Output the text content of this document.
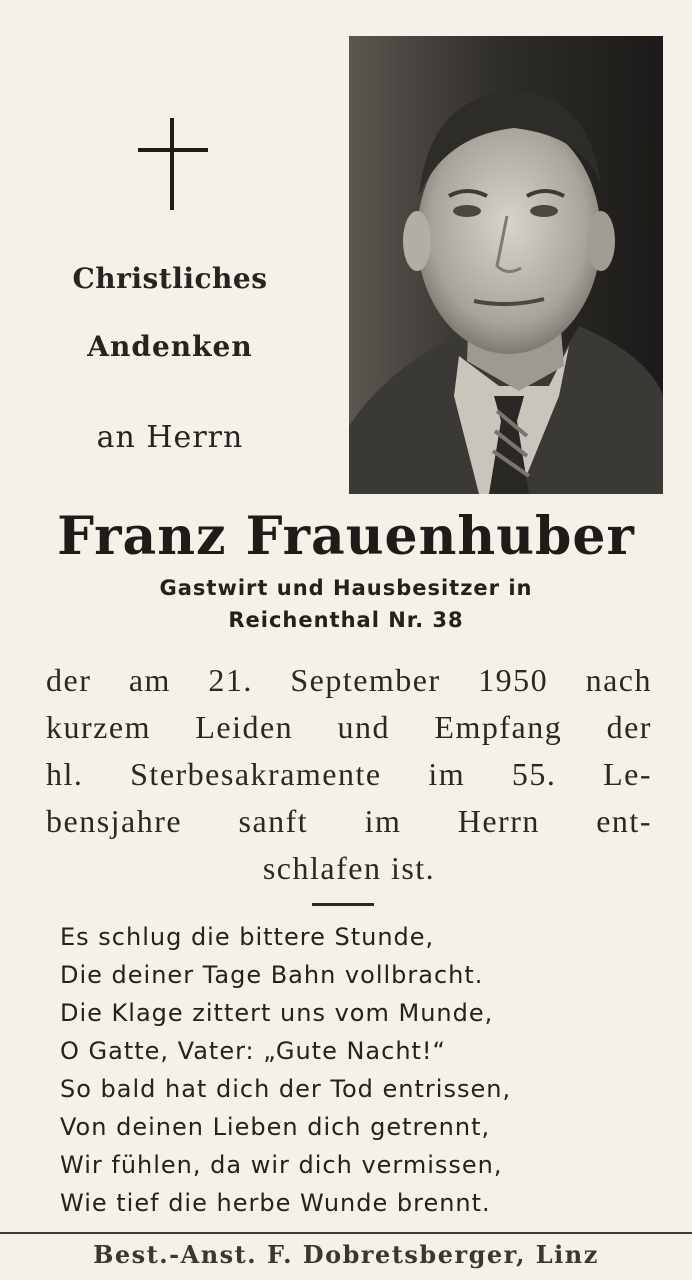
Christliches
Andenken
an Herrn
Franz Frauenhuber
Gastwirt und Hausbesitzer in
Reichenthal Nr. 38
der am 21. September 1950 nach
kurzem Leiden und Empfang der
hl. Sterbesakramente im 55. Le-
bensjahre sanft im Herrn ent-
schlafen ist.
Es schlug die bittere Stunde,
Die deiner Tage Bahn vollbracht.
Die Klage zittert uns vom Munde,
O Gatte, Vater: „Gute Nacht!“
So bald hat dich der Tod entrissen,
Von deinen Lieben dich getrennt,
Wir fühlen, da wir dich vermissen,
Wie tief die herbe Wunde brennt.
Best.-Anst. F. Dobretsberger, Linz
